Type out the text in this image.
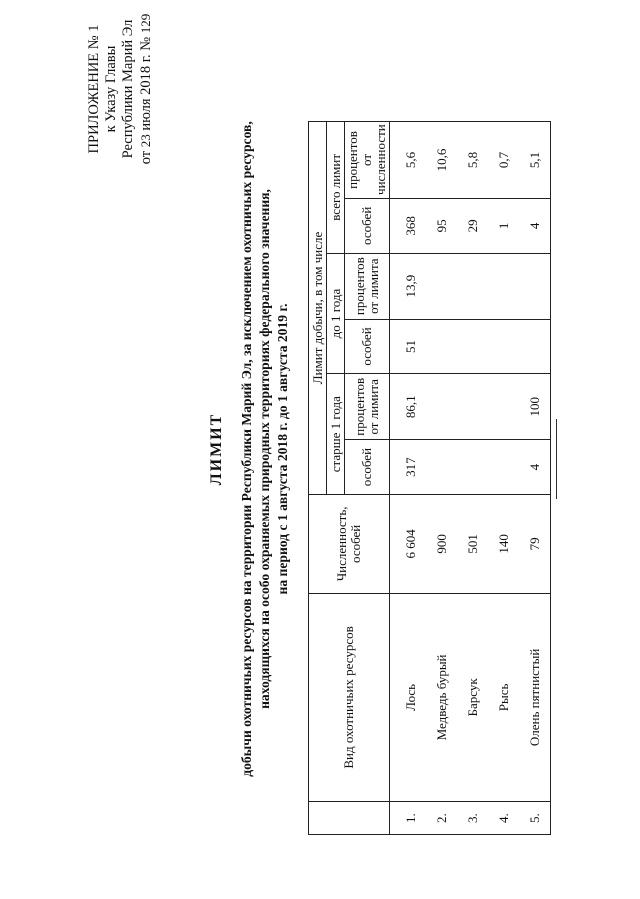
ПРИЛОЖЕНИЕ № 1 к Указу Главы Республики Марий Эл от 23 июля 2018 г. № 129
ЛИМИТ добычи охотничьих ресурсов на территории Республики Марий Эл, за исключением охотничьих ресурсов, находящихся на особо охраняемых природных территориях федерального значения, на период с 1 августа 2018 г. до 1 августа 2019 г.
	Вид охотничьих ресурсов	Численность, особей	Лимит добычи, в том числе					
			старше 1 года		до 1 года		всего лимит	
			особей	процентов от лимита	особей	процентов от лимита	особей	процентов от численности
1.	Лось	6 604	317	86,1	51	13,9	368	5,6
2.	Медведь бурый	900					95	10,6
3.	Барсук	501					29	5,8
4.	Рысь	140					1	0,7
5.	Олень пятнистый	79	4	100			4	5,1
